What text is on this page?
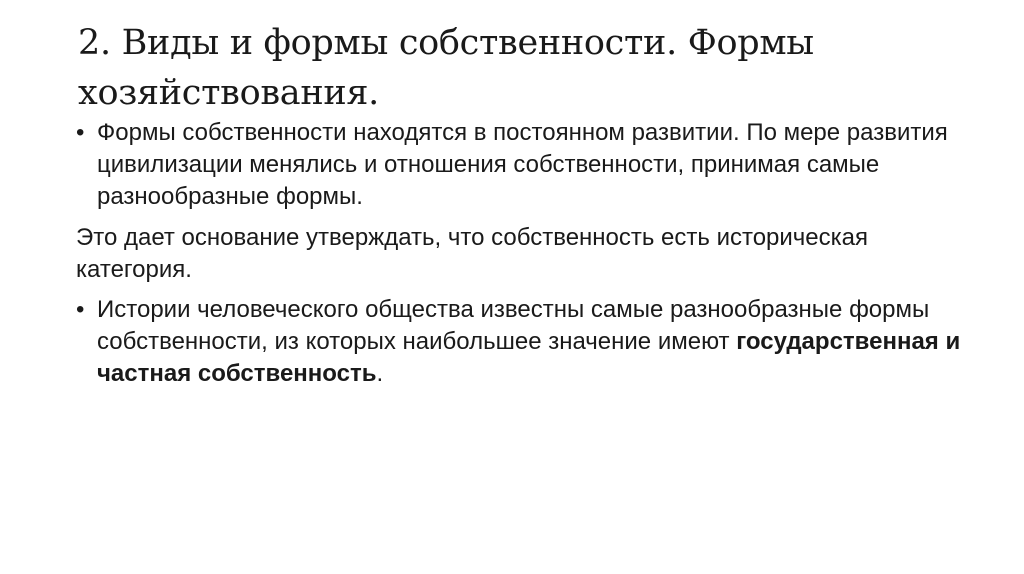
2. Виды и формы собственности. Формы хозяйствования.

• Формы собственности находятся в постоянном развитии. По мере развития цивилизации менялись и отношения собственности, принимая самые разнообразные формы.

Это дает основание утверждать, что собственность есть историческая категория.

• Истории человеческого общества известны самые разнообразные формы собственности, из которых наибольшее значение имеют государственная и частная собственность.
